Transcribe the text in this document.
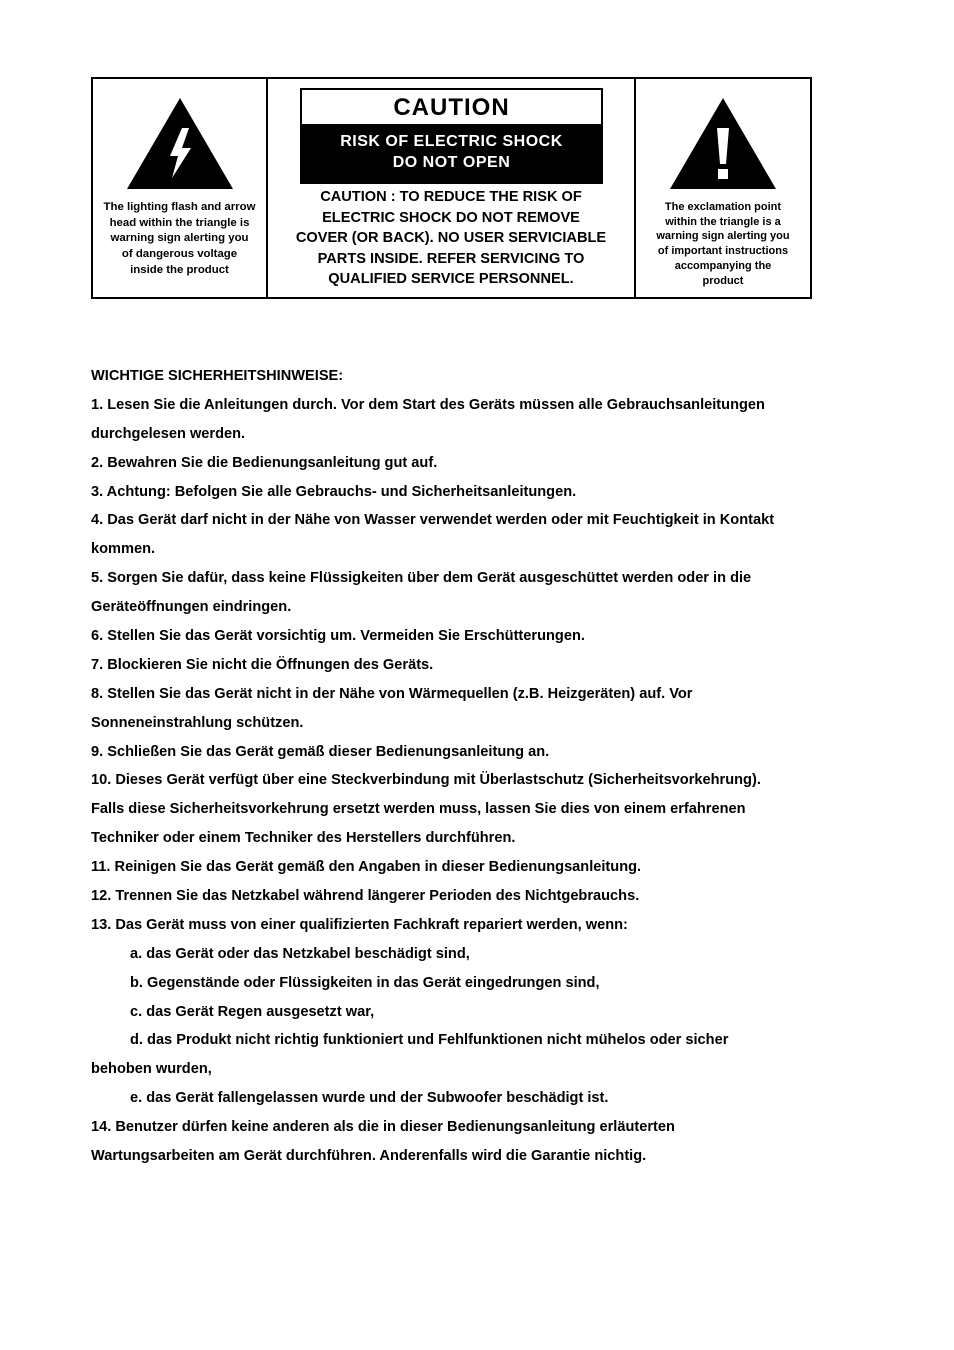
The lighting flash and arrow
head within the triangle is
warning sign alerting you
of dangerous voltage
inside the product
CAUTION
RISK OF ELECTRIC SHOCK
DO NOT OPEN
CAUTION : TO REDUCE THE RISK OF
ELECTRIC SHOCK DO NOT REMOVE
COVER (OR BACK). NO USER SERVICIABLE
PARTS INSIDE. REFER SERVICING TO
QUALIFIED SERVICE PERSONNEL.
The exclamation point
within the triangle is a
warning sign alerting you
of important instructions
accompanying the
product
WICHTIGE SICHERHEITSHINWEISE:
1. Lesen Sie die Anleitungen durch. Vor dem Start des Geräts müssen alle Gebrauchsanleitungen
durchgelesen werden.
2. Bewahren Sie die Bedienungsanleitung gut auf.
3. Achtung: Befolgen Sie alle Gebrauchs- und Sicherheitsanleitungen.
4. Das Gerät darf nicht in der Nähe von Wasser verwendet werden oder mit Feuchtigkeit in Kontakt
kommen.
5. Sorgen Sie dafür, dass keine Flüssigkeiten über dem Gerät ausgeschüttet werden oder in die
Geräteöffnungen eindringen.
6. Stellen Sie das Gerät vorsichtig um. Vermeiden Sie Erschütterungen.
7. Blockieren Sie nicht die Öffnungen des Geräts.
8. Stellen Sie das Gerät nicht in der Nähe von Wärmequellen (z.B. Heizgeräten) auf. Vor
Sonneneinstrahlung schützen.
9. Schließen Sie das Gerät gemäß dieser Bedienungsanleitung an.
10. Dieses Gerät verfügt über eine Steckverbindung mit Überlastschutz (Sicherheitsvorkehrung).
Falls diese Sicherheitsvorkehrung ersetzt werden muss, lassen Sie dies von einem erfahrenen
Techniker oder einem Techniker des Herstellers durchführen.
11. Reinigen Sie das Gerät gemäß den Angaben in dieser Bedienungsanleitung.
12. Trennen Sie das Netzkabel während längerer Perioden des Nichtgebrauchs.
13. Das Gerät muss von einer qualifizierten Fachkraft repariert werden, wenn:
a. das Gerät oder das Netzkabel beschädigt sind,
b. Gegenstände oder Flüssigkeiten in das Gerät eingedrungen sind,
c. das Gerät Regen ausgesetzt war,
d. das Produkt nicht richtig funktioniert und Fehlfunktionen nicht mühelos oder sicher
behoben wurden,
e. das Gerät fallengelassen wurde und der Subwoofer beschädigt ist.
14. Benutzer dürfen keine anderen als die in dieser Bedienungsanleitung erläuterten
Wartungsarbeiten am Gerät durchführen. Anderenfalls wird die Garantie nichtig.
